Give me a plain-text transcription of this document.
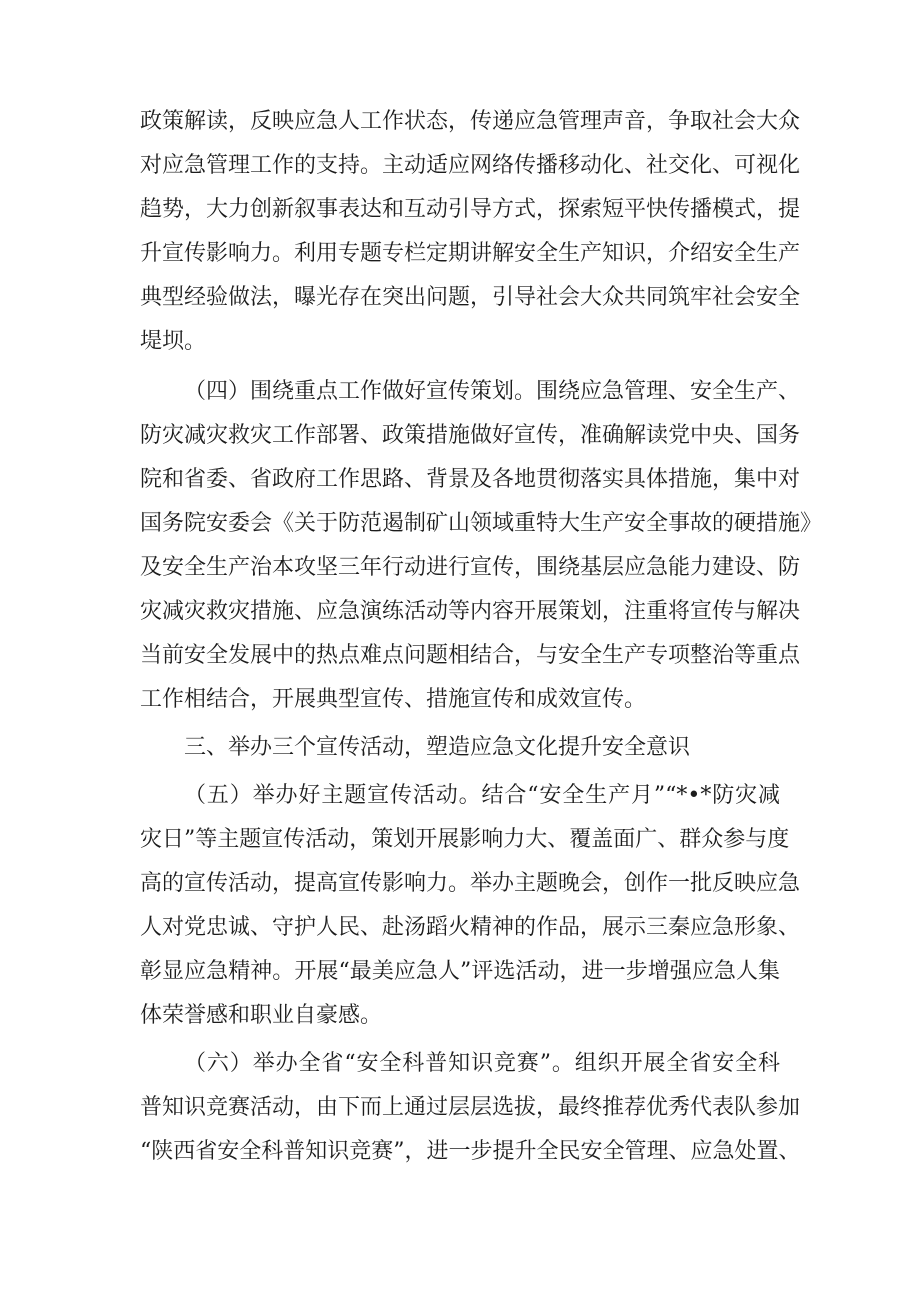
政策解读，反映应急人工作状态，传递应急管理声音，争取社会大众
对应急管理工作的支持。主动适应网络传播移动化、社交化、可视化
趋势，大力创新叙事表达和互动引导方式，探索短平快传播模式，提
升宣传影响力。利用专题专栏定期讲解安全生产知识，介绍安全生产
典型经验做法，曝光存在突出问题，引导社会大众共同筑牢社会安全
堤坝。
（四）围绕重点工作做好宣传策划。围绕应急管理、安全生产、
防灾减灾救灾工作部署、政策措施做好宣传，准确解读党中央、国务
院和省委、省政府工作思路、背景及各地贯彻落实具体措施，集中对
国务院安委会《关于防范遏制矿山领域重特大生产安全事故的硬措施》
及安全生产治本攻坚三年行动进行宣传，围绕基层应急能力建设、防
灾减灾救灾措施、应急演练活动等内容开展策划，注重将宣传与解决
当前安全发展中的热点难点问题相结合，与安全生产专项整治等重点
工作相结合，开展典型宣传、措施宣传和成效宣传。
三、举办三个宣传活动，塑造应急文化提升安全意识
（五）举办好主题宣传活动。结合“安全生产月”“*•*防灾减
灾日”等主题宣传活动，策划开展影响力大、覆盖面广、群众参与度
高的宣传活动，提高宣传影响力。举办主题晚会，创作一批反映应急
人对党忠诚、守护人民、赴汤蹈火精神的作品，展示三秦应急形象、
彰显应急精神。开展“最美应急人”评选活动，进一步增强应急人集
体荣誉感和职业自豪感。
（六）举办全省“安全科普知识竞赛”。组织开展全省安全科
普知识竞赛活动，由下而上通过层层选拔，最终推荐优秀代表队参加
“陕西省安全科普知识竞赛”，进一步提升全民安全管理、应急处置、
